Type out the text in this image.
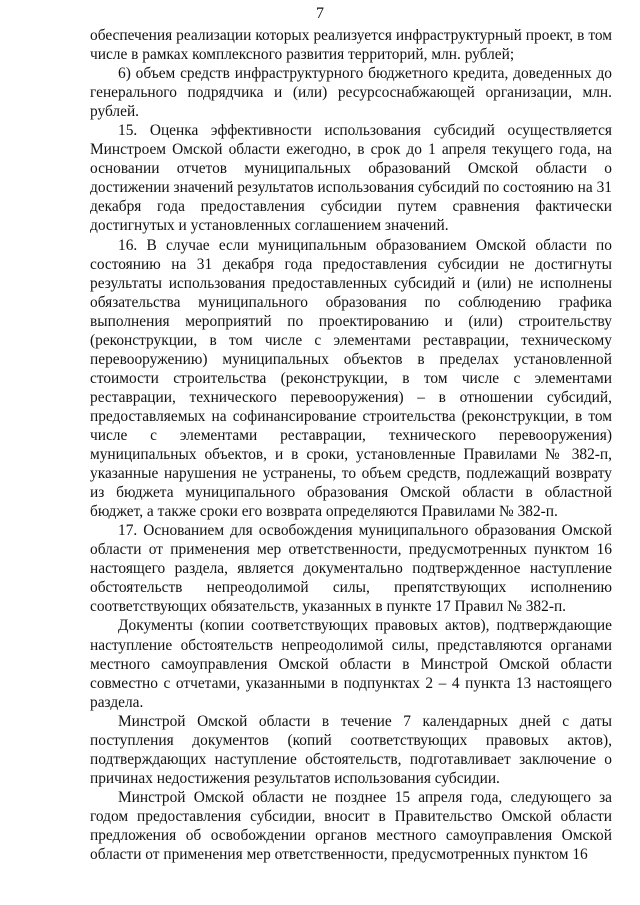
7

обеспечения реализации которых реализуется инфраструктурный проект, в том числе в рамках комплексного развития территорий, млн. рублей;

6) объем средств инфраструктурного бюджетного кредита, доведенных до генерального подрядчика и (или) ресурсоснабжающей организации, млн. рублей.

15. Оценка эффективности использования субсидий осуществляется Минстроем Омской области ежегодно, в срок до 1 апреля текущего года, на основании отчетов муниципальных образований Омской области о достижении значений результатов использования субсидий по состоянию на 31 декабря года предоставления субсидии путем сравнения фактически достигнутых и установленных соглашением значений.

16. В случае если муниципальным образованием Омской области по состоянию на 31 декабря года предоставления субсидии не достигнуты результаты использования предоставленных субсидий и (или) не исполнены обязательства муниципального образования по соблюдению графика выполнения мероприятий по проектированию и (или) строительству (реконструкции, в том числе с элементами реставрации, техническому перевооружению) муниципальных объектов в пределах установленной стоимости строительства (реконструкции, в том числе с элементами реставрации, технического перевооружения) – в отношении субсидий, предоставляемых на софинансирование строительства (реконструкции, в том числе с элементами реставрации, технического перевооружения) муниципальных объектов, и в сроки, установленные Правилами № 382-п, указанные нарушения не устранены, то объем средств, подлежащий возврату из бюджета муниципального образования Омской области в областной бюджет, а также сроки его возврата определяются Правилами № 382-п.

17. Основанием для освобождения муниципального образования Омской области от применения мер ответственности, предусмотренных пунктом 16 настоящего раздела, является документально подтвержденное наступление обстоятельств непреодолимой силы, препятствующих исполнению соответствующих обязательств, указанных в пункте 17 Правил № 382-п.

Документы (копии соответствующих правовых актов), подтверждающие наступление обстоятельств непреодолимой силы, представляются органами местного самоуправления Омской области в Минстрой Омской области совместно с отчетами, указанными в подпунктах 2 – 4 пункта 13 настоящего раздела.

Минстрой Омской области в течение 7 календарных дней с даты поступления документов (копий соответствующих правовых актов), подтверждающих наступление обстоятельств, подготавливает заключение о причинах недостижения результатов использования субсидии.

Минстрой Омской области не позднее 15 апреля года, следующего за годом предоставления субсидии, вносит в Правительство Омской области предложения об освобождении органов местного самоуправления Омской области от применения мер ответственности, предусмотренных пунктом 16
